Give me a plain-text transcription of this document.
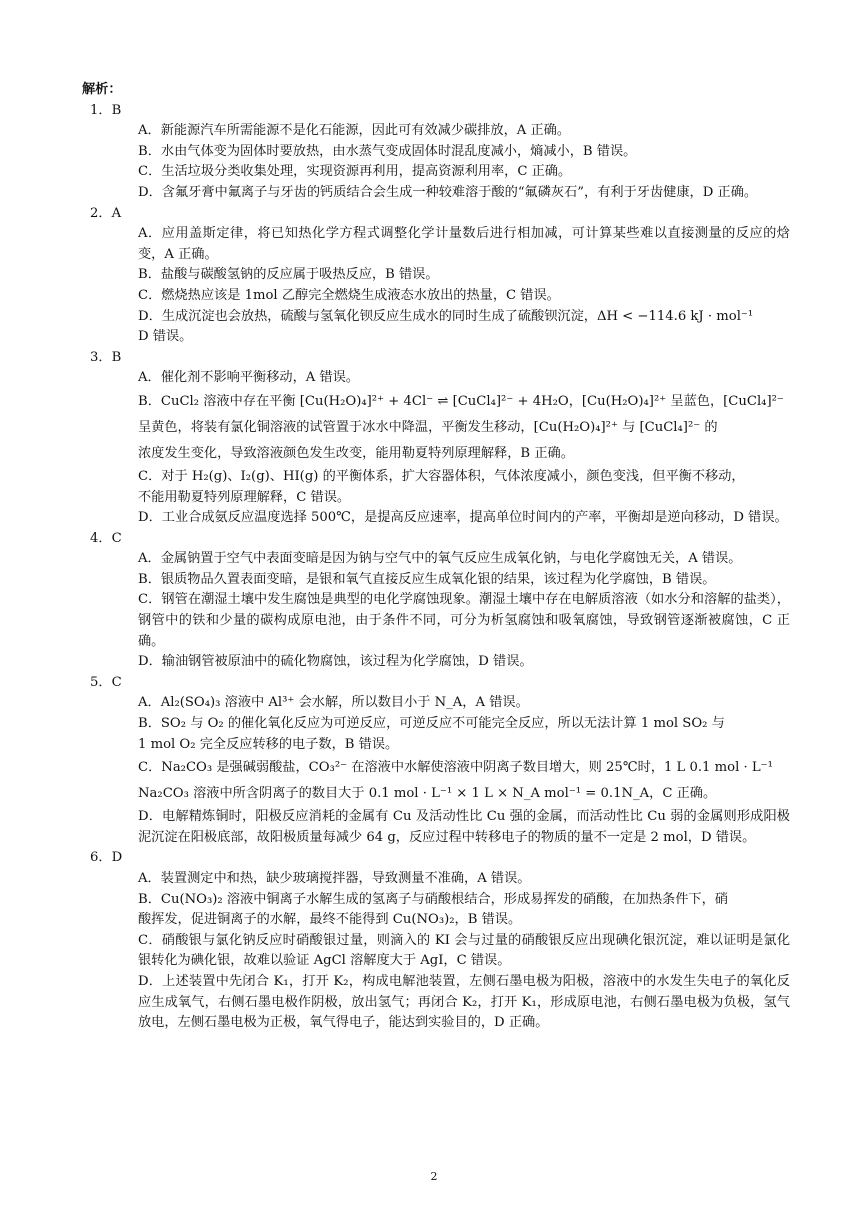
解析：
1．B
A．新能源汽车所需能源不是化石能源，因此可有效减少碳排放，A 正确。
B．水由气体变为固体时要放热，由水蒸气变成固体时混乱度减小，熵减小，B 错误。
C．生活垃圾分类收集处理，实现资源再利用，提高资源利用率，C 正确。
D．含氟牙膏中氟离子与牙齿的钙质结合会生成一种较难溶于酸的“氟磷灰石”，有利于牙齿健康，D 正确。
2．A
A．应用盖斯定律，将已知热化学方程式调整化学计量数后进行相加减，可计算某些难以直接测量的反应的焓变，A 正确。
B．盐酸与碳酸氢钠的反应属于吸热反应，B 错误。
C．燃烧热应该是 1mol 乙醇完全燃烧生成液态水放出的热量，C 错误。
D．生成沉淀也会放热，硫酸与氢氧化钡反应生成水的同时生成了硫酸钡沉淀，ΔH < −114.6 kJ · mol⁻¹
D 错误。
3．B
A．催化剂不影响平衡移动，A 错误。
B．CuCl₂ 溶液中存在平衡 [Cu(H₂O)₄]²⁺ + 4Cl⁻ ⇌ [CuCl₄]²⁻ + 4H₂O，[Cu(H₂O)₄]²⁺ 呈蓝色，[CuCl₄]²⁻
呈黄色，将装有氯化铜溶液的试管置于冰水中降温，平衡发生移动，[Cu(H₂O)₄]²⁺ 与 [CuCl₄]²⁻ 的
浓度发生变化，导致溶液颜色发生改变，能用勒夏特列原理解释，B 正确。
C．对于 H₂(g)、I₂(g)、HI(g) 的平衡体系，扩大容器体积，气体浓度减小，颜色变浅，但平衡不移动，
不能用勒夏特列原理解释，C 错误。
D．工业合成氨反应温度选择 500℃，是提高反应速率，提高单位时间内的产率，平衡却是逆向移动，D 错误。
4．C
A．金属钠置于空气中表面变暗是因为钠与空气中的氧气反应生成氧化钠，与电化学腐蚀无关，A 错误。
B．银质物品久置表面变暗，是银和氧气直接反应生成氧化银的结果，该过程为化学腐蚀，B 错误。
C．钢管在潮湿土壤中发生腐蚀是典型的电化学腐蚀现象。潮湿土壤中存在电解质溶液（如水分和溶解的盐类），钢管中的铁和少量的碳构成原电池，由于条件不同，可分为析氢腐蚀和吸氧腐蚀，导致钢管逐渐被腐蚀，C 正确。
D．输油钢管被原油中的硫化物腐蚀，该过程为化学腐蚀，D 错误。
5．C
A．Al₂(SO₄)₃ 溶液中 Al³⁺ 会水解，所以数目小于 N_A，A 错误。
B．SO₂ 与 O₂ 的催化氧化反应为可逆反应，可逆反应不可能完全反应，所以无法计算 1 mol SO₂ 与
1 mol O₂ 完全反应转移的电子数，B 错误。
C．Na₂CO₃ 是强碱弱酸盐，CO₃²⁻ 在溶液中水解使溶液中阴离子数目增大，则 25℃时，1 L 0.1 mol · L⁻¹
Na₂CO₃ 溶液中所含阴离子的数目大于 0.1 mol · L⁻¹ × 1 L × N_A mol⁻¹ = 0.1N_A，C 正确。
D．电解精炼铜时，阳极反应消耗的金属有 Cu 及活动性比 Cu 强的金属，而活动性比 Cu 弱的金属则形成阳极泥沉淀在阳极底部，故阳极质量每减少 64 g，反应过程中转移电子的物质的量不一定是 2 mol，D 错误。
6．D
A．装置测定中和热，缺少玻璃搅拌器，导致测量不准确，A 错误。
B．Cu(NO₃)₂ 溶液中铜离子水解生成的氢离子与硝酸根结合，形成易挥发的硝酸，在加热条件下，硝
酸挥发，促进铜离子的水解，最终不能得到 Cu(NO₃)₂，B 错误。
C．硝酸银与氯化钠反应时硝酸银过量，则滴入的 KI 会与过量的硝酸银反应出现碘化银沉淀，难以证明是氯化银转化为碘化银，故难以验证 AgCl 溶解度大于 AgI，C 错误。
D．上述装置中先闭合 K₁，打开 K₂，构成电解池装置，左侧石墨电极为阳极，溶液中的水发生失电子的氧化反应生成氧气，右侧石墨电极作阴极，放出氢气；再闭合 K₂，打开 K₁，形成原电池，右侧石墨电极为负极，氢气放电，左侧石墨电极为正极，氧气得电子，能达到实验目的，D 正确。
2
